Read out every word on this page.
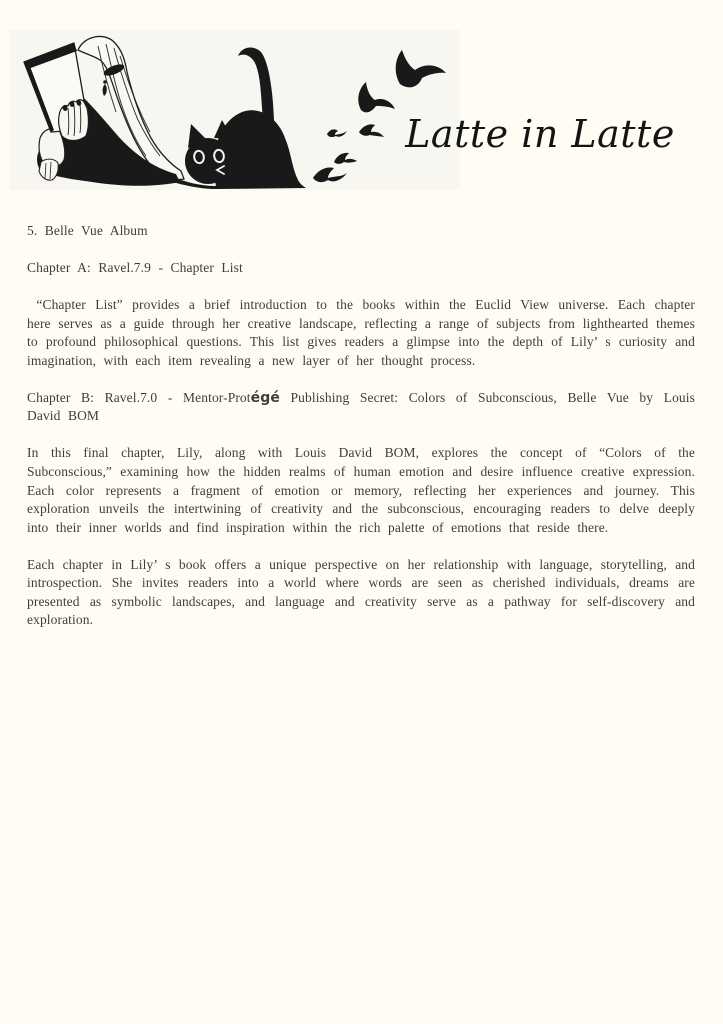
Latte in Latte

5. Belle Vue Album

Chapter A: Ravel.7.9 - Chapter List

“Chapter List” provides a brief introduction to the books within the Euclid View universe. Each chapter here serves as a guide through her creative landscape, reflecting a range of subjects from lighthearted themes to profound philosophical questions. This list gives readers a glimpse into the depth of Lily’ s curiosity and imagination, with each item revealing a new layer of her thought process.

Chapter B: Ravel.7.0 - Mentor-Protégé Publishing Secret: Colors of Subconscious, Belle Vue by Louis David BOM

In this final chapter, Lily, along with Louis David BOM, explores the concept of “Colors of the Subconscious,” examining how the hidden realms of human emotion and desire influence creative expression. Each color represents a fragment of emotion or memory, reflecting her experiences and journey. This exploration unveils the intertwining of creativity and the subconscious, encouraging readers to delve deeply into their inner worlds and find inspiration within the rich palette of emotions that reside there.

Each chapter in Lily’ s book offers a unique perspective on her relationship with language, storytelling, and introspection. She invites readers into a world where words are seen as cherished individuals, dreams are presented as symbolic landscapes, and language and creativity serve as a pathway for self-discovery and exploration.
